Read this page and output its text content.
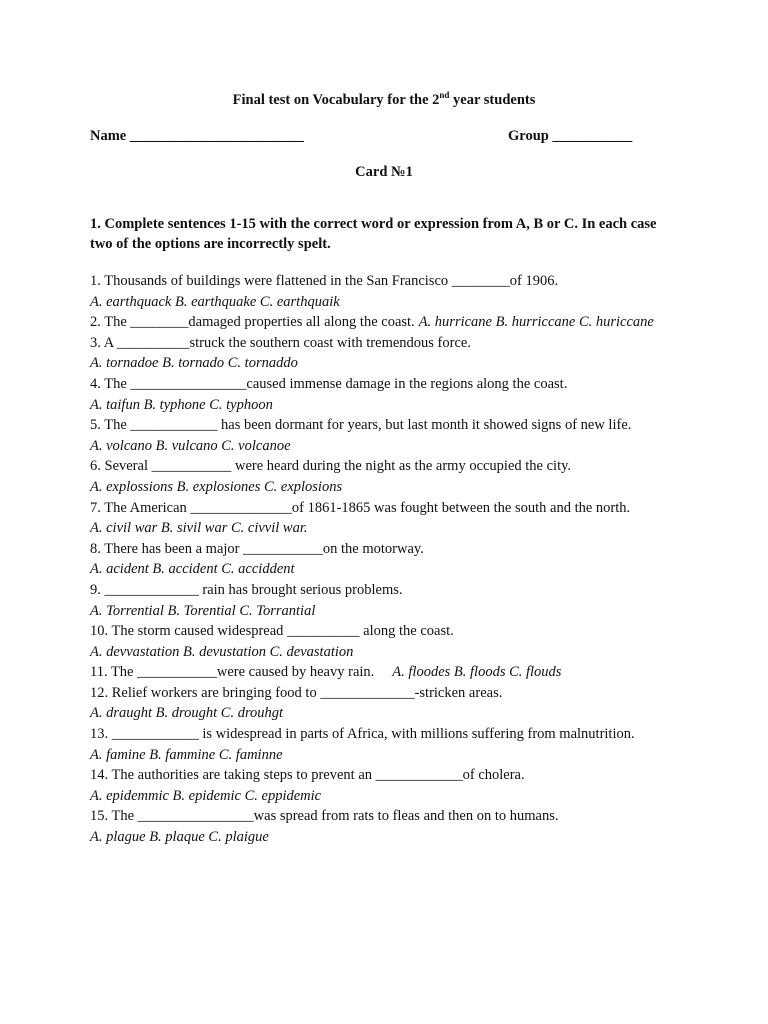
Final test on Vocabulary for the 2nd year students
Name ________________________	Group ___________
Card №1
1. Complete sentences 1-15 with the correct word or expression from A, B or C. In each case two of the options are incorrectly spelt.
1. Thousands of buildings were flattened in the San Francisco ________of 1906.
A. earthquack B. earthquake C. earthquaik
2. The ________damaged properties all along the coast. A. hurricane B. hurriccane C. huriccane
3. A __________struck the southern coast with tremendous force.
A. tornadoe B. tornado C. tornaddo
4. The ________________caused immense damage in the regions along the coast.
A. taifun B. typhone C. typhoon
5. The ____________ has been dormant for years, but last month it showed signs of new life.
A. volcano B. vulcano C. volcanoe
6. Several ___________ were heard during the night as the army occupied the city.
A. explossions B. explosiones C. explosions
7. The American ______________of 1861-1865 was fought between the south and the north.
A. civil war B. sivil war C. civvil war.
8. There has been a major ___________on the motorway.
A. acident B. accident C. acciddent
9. _____________ rain has brought serious problems.
A. Torrential B. Torential C. Torrantial
10. The storm caused widespread __________ along the coast.
A. devvastation B. devustation C. devastation
11. The ___________were caused by heavy rain. A. floodes B. floods C. flouds
12. Relief workers are bringing food to _____________-stricken areas.
A. draught B. drought C. drouhgt
13. ____________ is widespread in parts of Africa, with millions suffering from malnutrition.
A. famine B. fammine C. faminne
14. The authorities are taking steps to prevent an ____________of cholera.
A. epidemmic B. epidemic C. eppidemic
15. The ________________was spread from rats to fleas and then on to humans.
A. plague B. plaque C. plaigue
